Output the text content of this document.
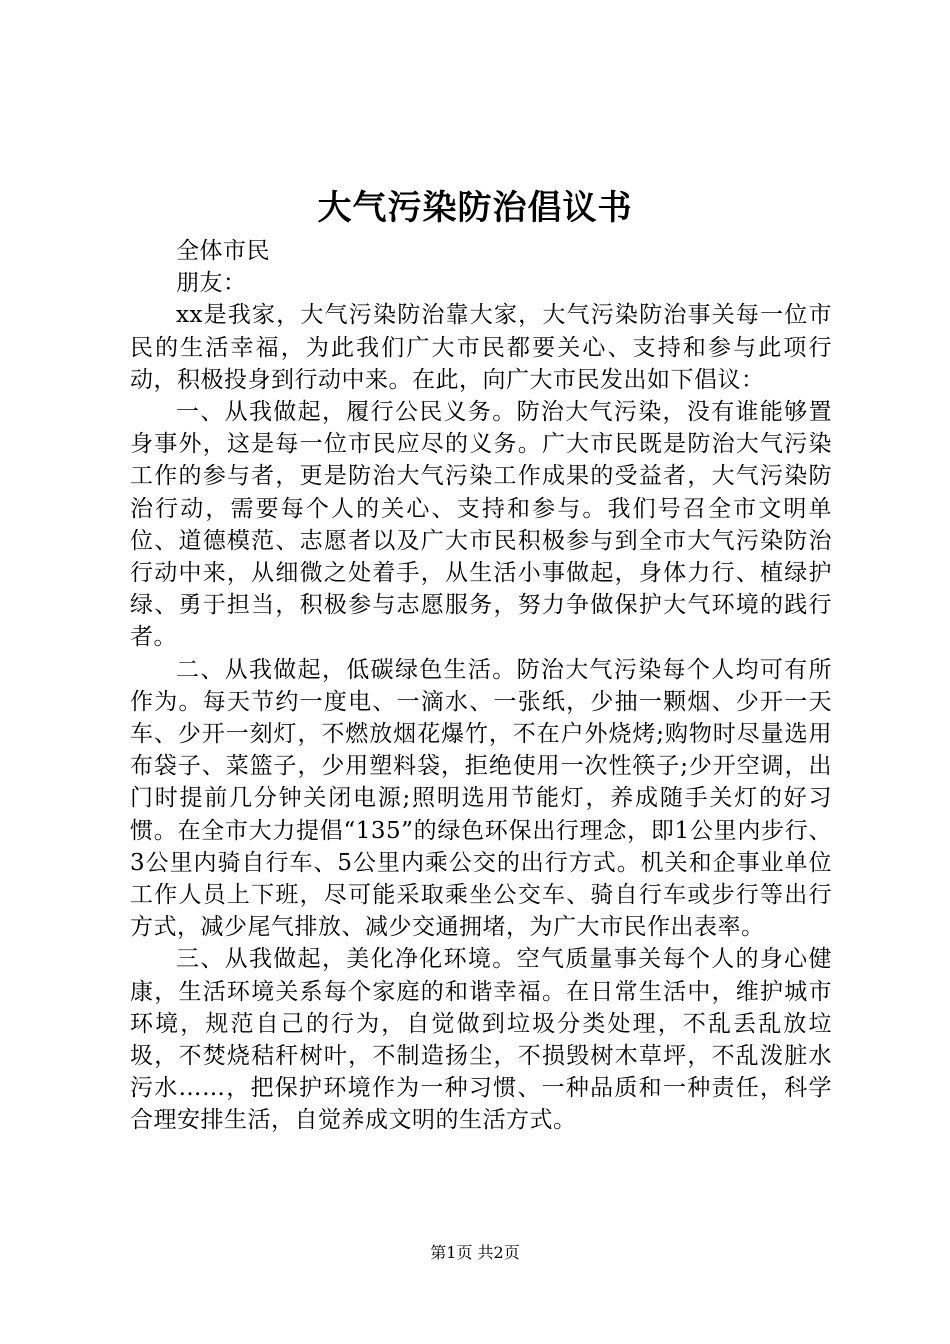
大气污染防治倡议书

全体市民

朋友：

xx是我家，大气污染防治靠大家，大气污染防治事关每一位市民的生活幸福，为此我们广大市民都要关心、支持和参与此项行动，积极投身到行动中来。在此，向广大市民发出如下倡议：

一、从我做起，履行公民义务。防治大气污染，没有谁能够置身事外，这是每一位市民应尽的义务。广大市民既是防治大气污染工作的参与者，更是防治大气污染工作成果的受益者，大气污染防治行动，需要每个人的关心、支持和参与。我们号召全市文明单位、道德模范、志愿者以及广大市民积极参与到全市大气污染防治行动中来，从细微之处着手，从生活小事做起，身体力行、植绿护绿、勇于担当，积极参与志愿服务，努力争做保护大气环境的践行者。

二、从我做起，低碳绿色生活。防治大气污染每个人均可有所作为。每天节约一度电、一滴水、一张纸，少抽一颗烟、少开一天车、少开一刻灯，不燃放烟花爆竹，不在户外烧烤;购物时尽量选用布袋子、菜篮子，少用塑料袋，拒绝使用一次性筷子;少开空调，出门时提前几分钟关闭电源;照明选用节能灯，养成随手关灯的好习惯。在全市大力提倡“135”的绿色环保出行理念，即1公里内步行、3公里内骑自行车、5公里内乘公交的出行方式。机关和企事业单位工作人员上下班，尽可能采取乘坐公交车、骑自行车或步行等出行方式，减少尾气排放、减少交通拥堵，为广大市民作出表率。

三、从我做起，美化净化环境。空气质量事关每个人的身心健康，生活环境关系每个家庭的和谐幸福。在日常生活中，维护城市环境，规范自己的行为，自觉做到垃圾分类处理，不乱丢乱放垃圾，不焚烧秸秆树叶，不制造扬尘，不损毁树木草坪，不乱泼脏水污水……，把保护环境作为一种习惯、一种品质和一种责任，科学合理安排生活，自觉养成文明的生活方式。

第1页 共2页
